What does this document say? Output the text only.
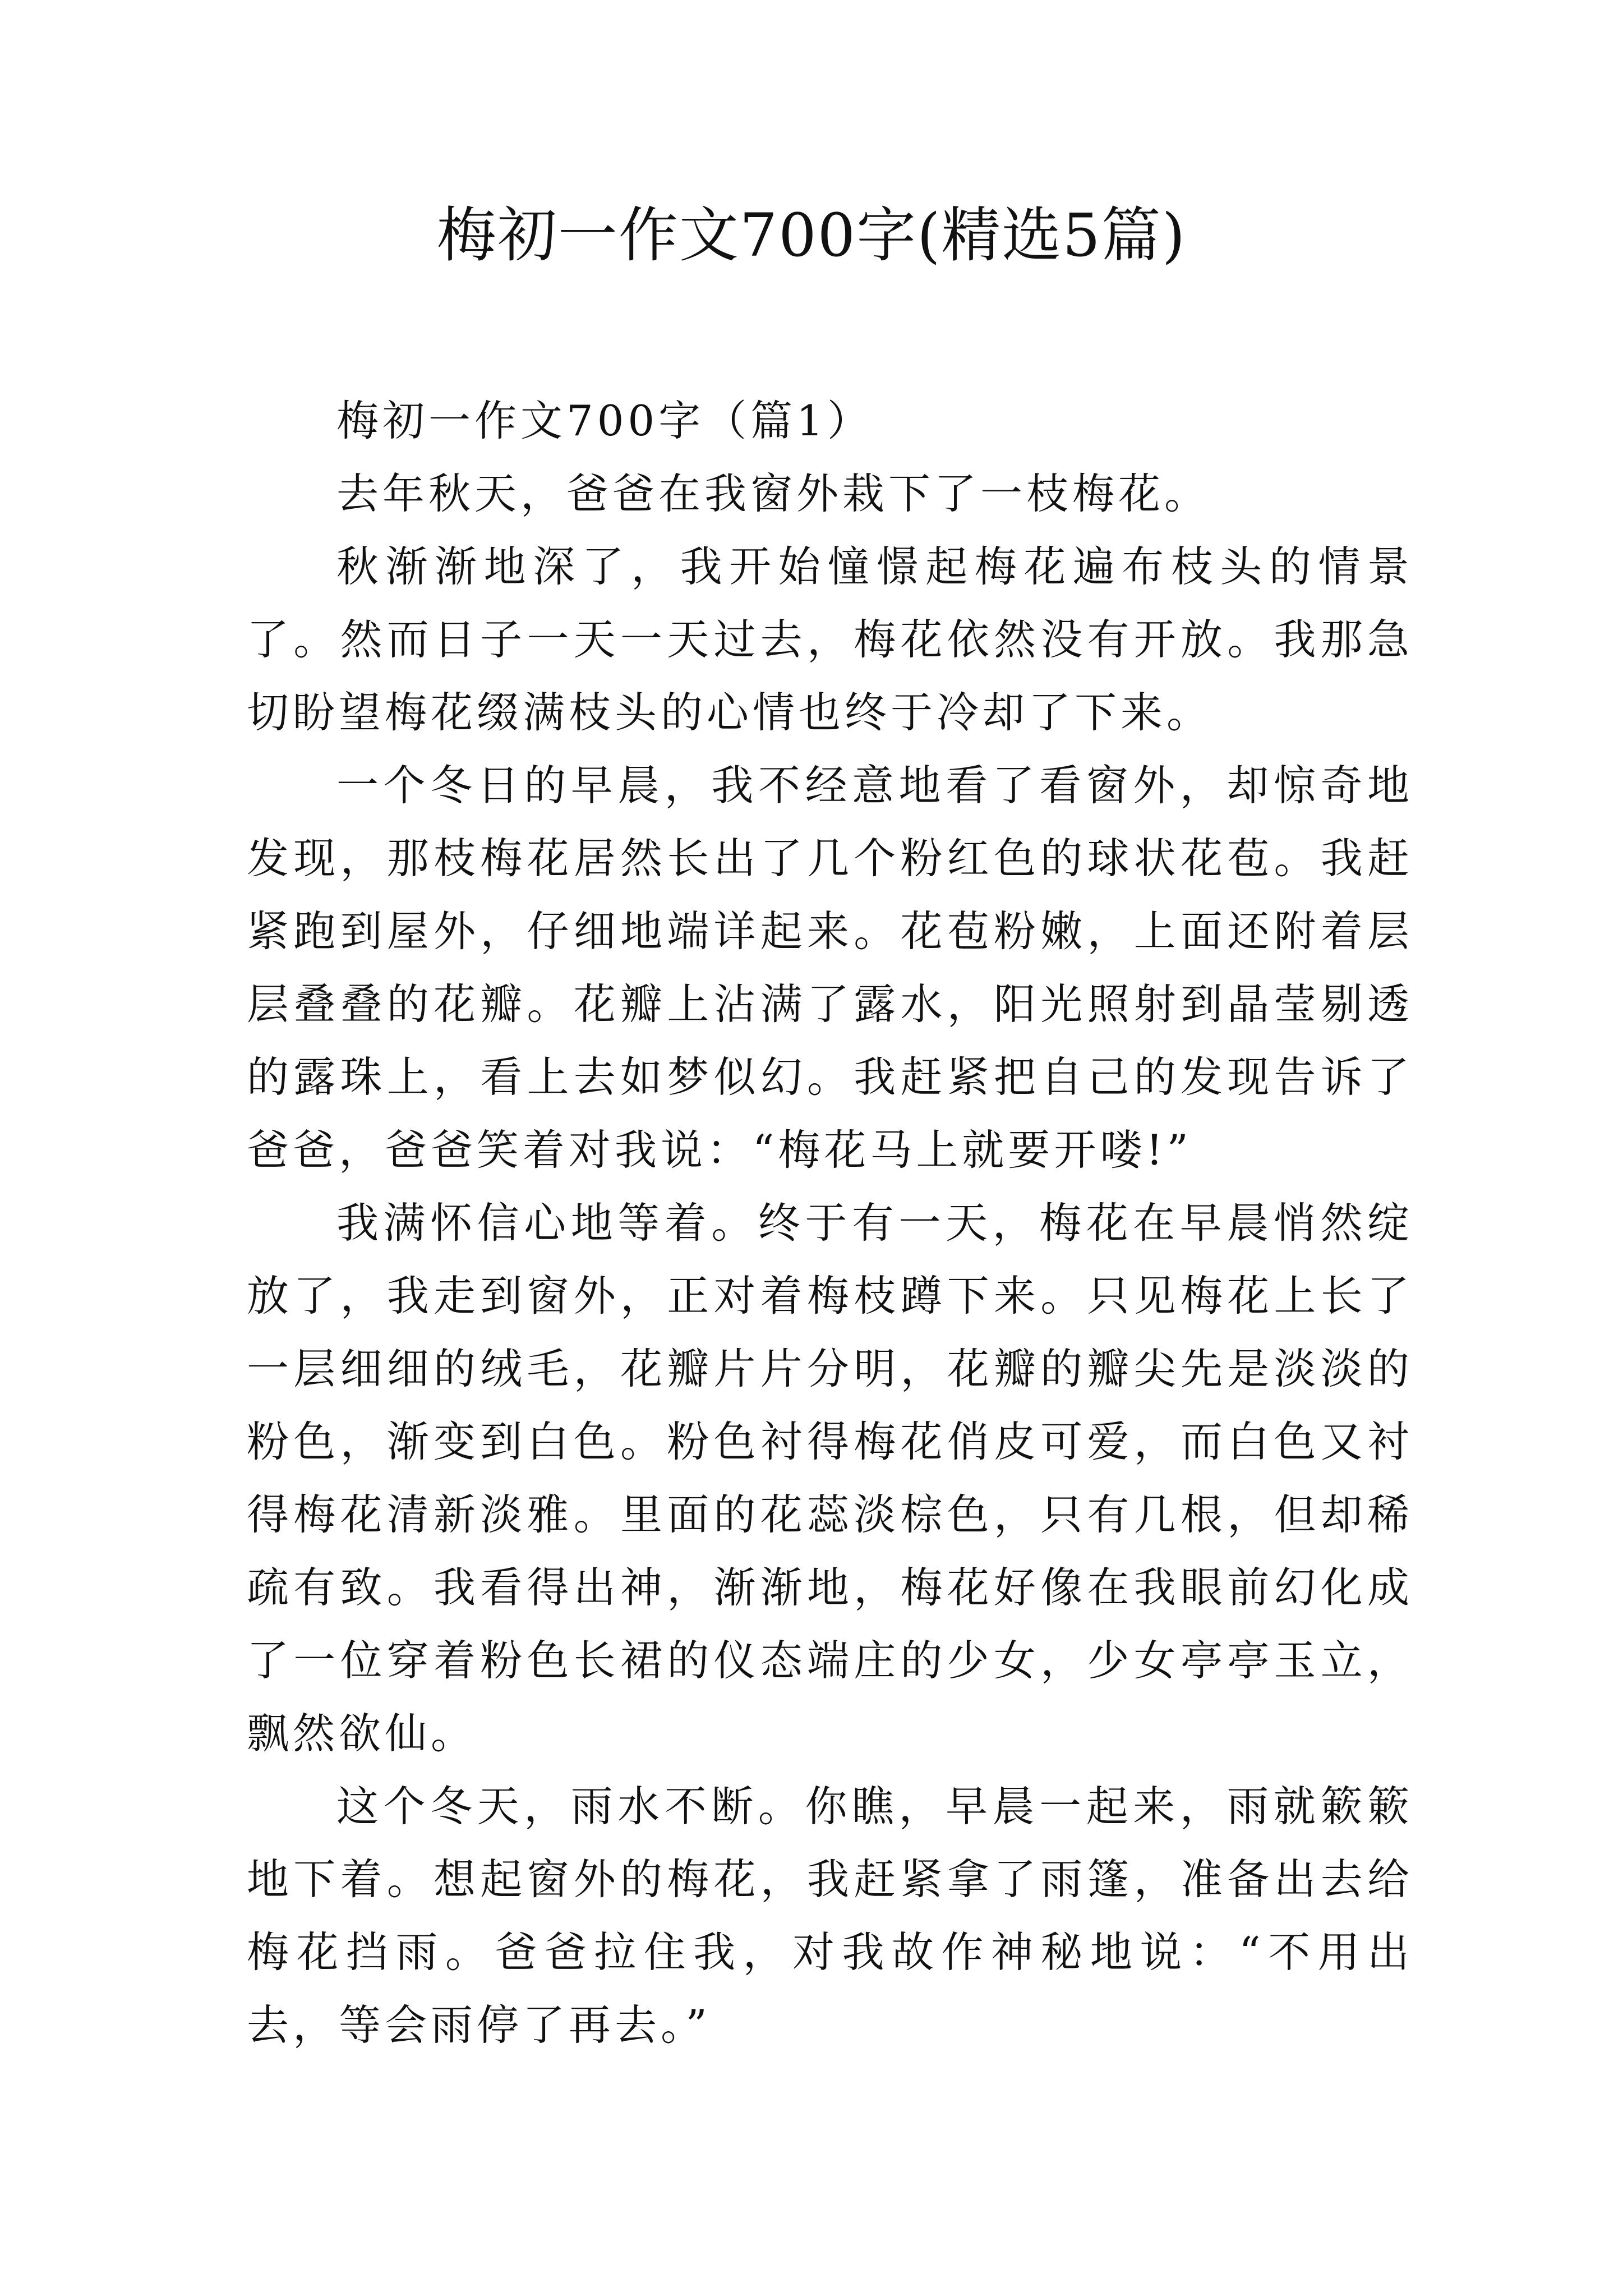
梅初一作文700字(精选5篇)

梅初一作文700字（篇1）

去年秋天，爸爸在我窗外栽下了一枝梅花。

秋渐渐地深了，我开始憧憬起梅花遍布枝头的情景了。然而日子一天一天过去，梅花依然没有开放。我那急切盼望梅花缀满枝头的心情也终于冷却了下来。

一个冬日的早晨，我不经意地看了看窗外，却惊奇地发现，那枝梅花居然长出了几个粉红色的球状花苞。我赶紧跑到屋外，仔细地端详起来。花苞粉嫩，上面还附着层层叠叠的花瓣。花瓣上沾满了露水，阳光照射到晶莹剔透的露珠上，看上去如梦似幻。我赶紧把自己的发现告诉了爸爸，爸爸笑着对我说：“梅花马上就要开喽!”

我满怀信心地等着。终于有一天，梅花在早晨悄然绽放了，我走到窗外，正对着梅枝蹲下来。只见梅花上长了一层细细的绒毛，花瓣片片分明，花瓣的瓣尖先是淡淡的粉色，渐变到白色。粉色衬得梅花俏皮可爱，而白色又衬得梅花清新淡雅。里面的花蕊淡棕色，只有几根，但却稀疏有致。我看得出神，渐渐地，梅花好像在我眼前幻化成了一位穿着粉色长裙的仪态端庄的少女，少女亭亭玉立，飘然欲仙。

这个冬天，雨水不断。你瞧，早晨一起来，雨就簌簌地下着。想起窗外的梅花，我赶紧拿了雨篷，准备出去给梅花挡雨。爸爸拉住我，对我故作神秘地说：“不用出去，等会雨停了再去。”
